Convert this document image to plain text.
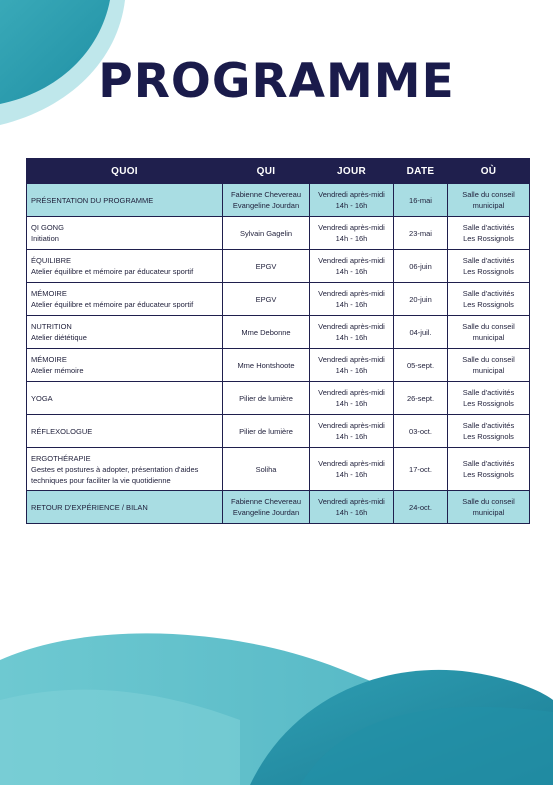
PROGRAMME
QUOI	QUI	JOUR	DATE	OÙ

PRÉSENTATION DU PROGRAMME	Fabienne Chevereau
Evangeline Jourdan	Vendredi après-midi
14h - 16h	16-mai	Salle du conseil
municipal

QI GONG
Initiation	Sylvain Gagelin	Vendredi après-midi
14h - 16h	23-mai	Salle d'activités
Les Rossignols

ÉQUILIBRE
Atelier équilibre et mémoire par éducateur sportif	EPGV	Vendredi après-midi
14h - 16h	06-juin	Salle d'activités
Les Rossignols

MÉMOIRE
Atelier équilibre et mémoire par éducateur sportif	EPGV	Vendredi après-midi
14h - 16h	20-juin	Salle d'activités
Les Rossignols

NUTRITION
Atelier diététique	Mme Debonne	Vendredi après-midi
14h - 16h	04-juil.	Salle du conseil
municipal

MÉMOIRE
Atelier mémoire	Mme Hontshoote	Vendredi après-midi
14h - 16h	05-sept.	Salle du conseil
municipal

YOGA	Pilier de lumière	Vendredi après-midi
14h - 16h	26-sept.	Salle d'activités
Les Rossignols

RÉFLEXOLOGUE	Pilier de lumière	Vendredi après-midi
14h - 16h	03-oct.	Salle d'activités
Les Rossignols

ERGOTHÉRAPIE
Gestes et postures à adopter, présentation d'aides techniques pour faciliter la vie quotidienne	Soliha	Vendredi après-midi
14h - 16h	17-oct.	Salle d'activités
Les Rossignols

RETOUR D'EXPÉRIENCE / BILAN	Fabienne Chevereau
Evangeline Jourdan	Vendredi après-midi
14h - 16h	24-oct.	Salle du conseil
municipal
